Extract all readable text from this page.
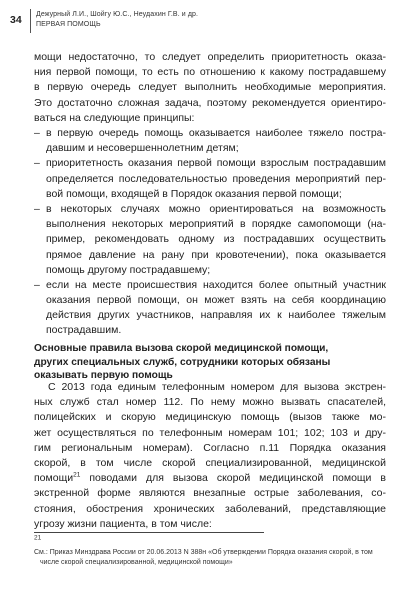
34 Дежурный Л.И., Шойгу Ю.С., Неудахин Г.В. и др.
ПЕРВАЯ ПОМОЩЬ
мощи недостаточно, то следует определить приоритетность оказа-
ния первой помощи, то есть по отношению к какому пострадавшему
в первую очередь следует выполнить необходимые мероприятия.
Это достаточно сложная задача, поэтому рекомендуется ориентиро-
ваться на следующие принципы:
– в первую очередь помощь оказывается наиболее тяжело постра-
давшим и несовершеннолетним детям;
– приоритетность оказания первой помощи взрослым пострадавшим
определяется последовательностью проведения мероприятий пер-
вой помощи, входящей в Порядок оказания первой помощи;
– в некоторых случаях можно ориентироваться на возможность
выполнения некоторых мероприятий в порядке самопомощи (на-
пример, рекомендовать одному из пострадавших осуществить
прямое давление на рану при кровотечении), пока оказывается
помощь другому пострадавшему;
– если на месте происшествия находится более опытный участник
оказания первой помощи, он может взять на себя координацию
действия других участников, направляя их к наиболее тяжелым
пострадавшим.
Основные правила вызова скорой медицинской помощи,
других специальных служб, сотрудники которых обязаны
оказывать первую помощь
С 2013 года единым телефонным номером для вызова экстрен-
ных служб стал номер 112. По нему можно вызвать спасателей,
полицейских и скорую медицинскую помощь (вызов также мо-
жет осуществляться по телефонным номерам 101; 102; 103 и дру-
гим региональным номерам). Согласно п.11 Порядка оказания
скорой, в том числе скорой специализированной, медицинской
помощи$^{21}$ поводами для вызова скорой медицинской помощи в
экстренной форме являются внезапные острые заболевания, со-
стояния, обострения хронических заболеваний, представляющие
угрозу жизни пациента, в том числе:
$^{21}$
См.: Приказ Минздрава России от 20.06.2013 N 388н «Об утверждении Порядка оказания скорой, в том
числе скорой специализированной, медицинской помощи»
